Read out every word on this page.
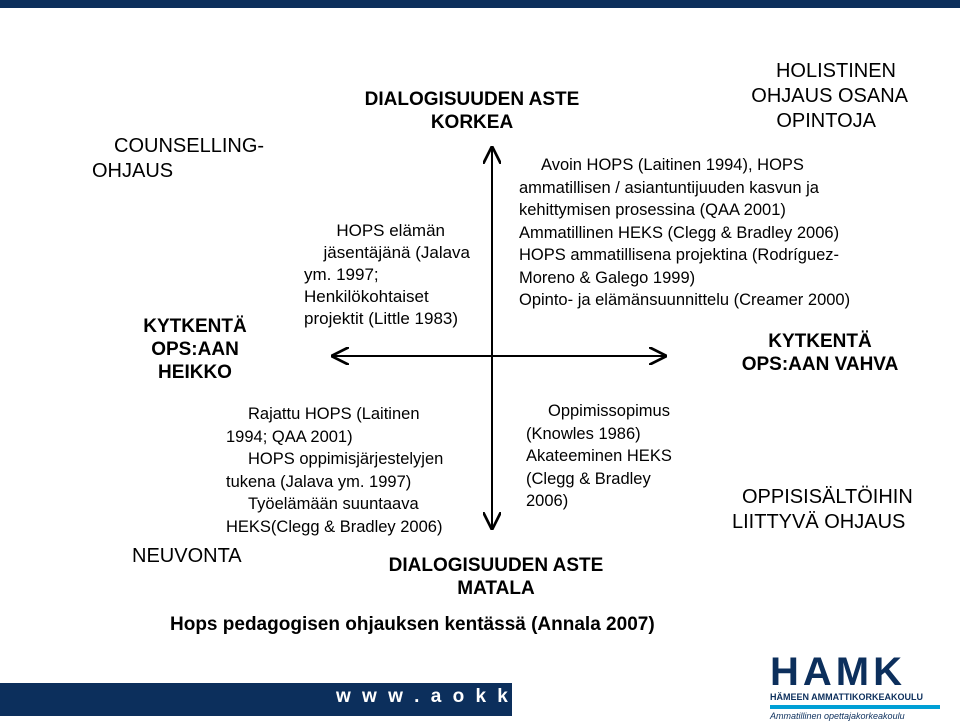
DIALOGISUUDEN ASTE
KORKEA
DIALOGISUUDEN ASTE
MATALA
KYTKENTÄ
OPS:AAN
HEIKKO
KYTKENTÄ
OPS:AAN VAHVA
COUNSELLING-
OHJAUS
HOLISTINEN
OHJAUS OSANA
OPINTOJA
NEUVONTA
OPPISISÄLTÖIHIN
LIITTYVÄ OHJAUS
HOPS elämän
jäsentäjänä (Jalava
ym. 1997;
Henkilökohtaiset
projektit (Little 1983)
Avoin HOPS (Laitinen 1994), HOPS
ammatillisen / asiantuntijuuden kasvun ja
kehittymisen prosessina (QAA 2001)
Ammatillinen HEKS (Clegg & Bradley 2006)
HOPS ammatillisena projektina (Rodríguez-
Moreno & Galego 1999)
Opinto- ja elämänsuunnittelu (Creamer 2000)
Rajattu HOPS (Laitinen
1994; QAA 2001)
HOPS oppimisjärjestelyjen
tukena (Jalava ym. 1997)
Työelämään suuntaava
HEKS(Clegg & Bradley 2006)
Oppimissopimus
(Knowles 1986)
Akateeminen HEKS
(Clegg & Bradley
2006)
Hops pedagogisen ohjauksen kentässä (Annala 2007)
w w w . a o k k . f i
HAMK
HÄMEEN AMMATTIKORKEAKOULU
Ammatillinen opettajakorkeakoulu
